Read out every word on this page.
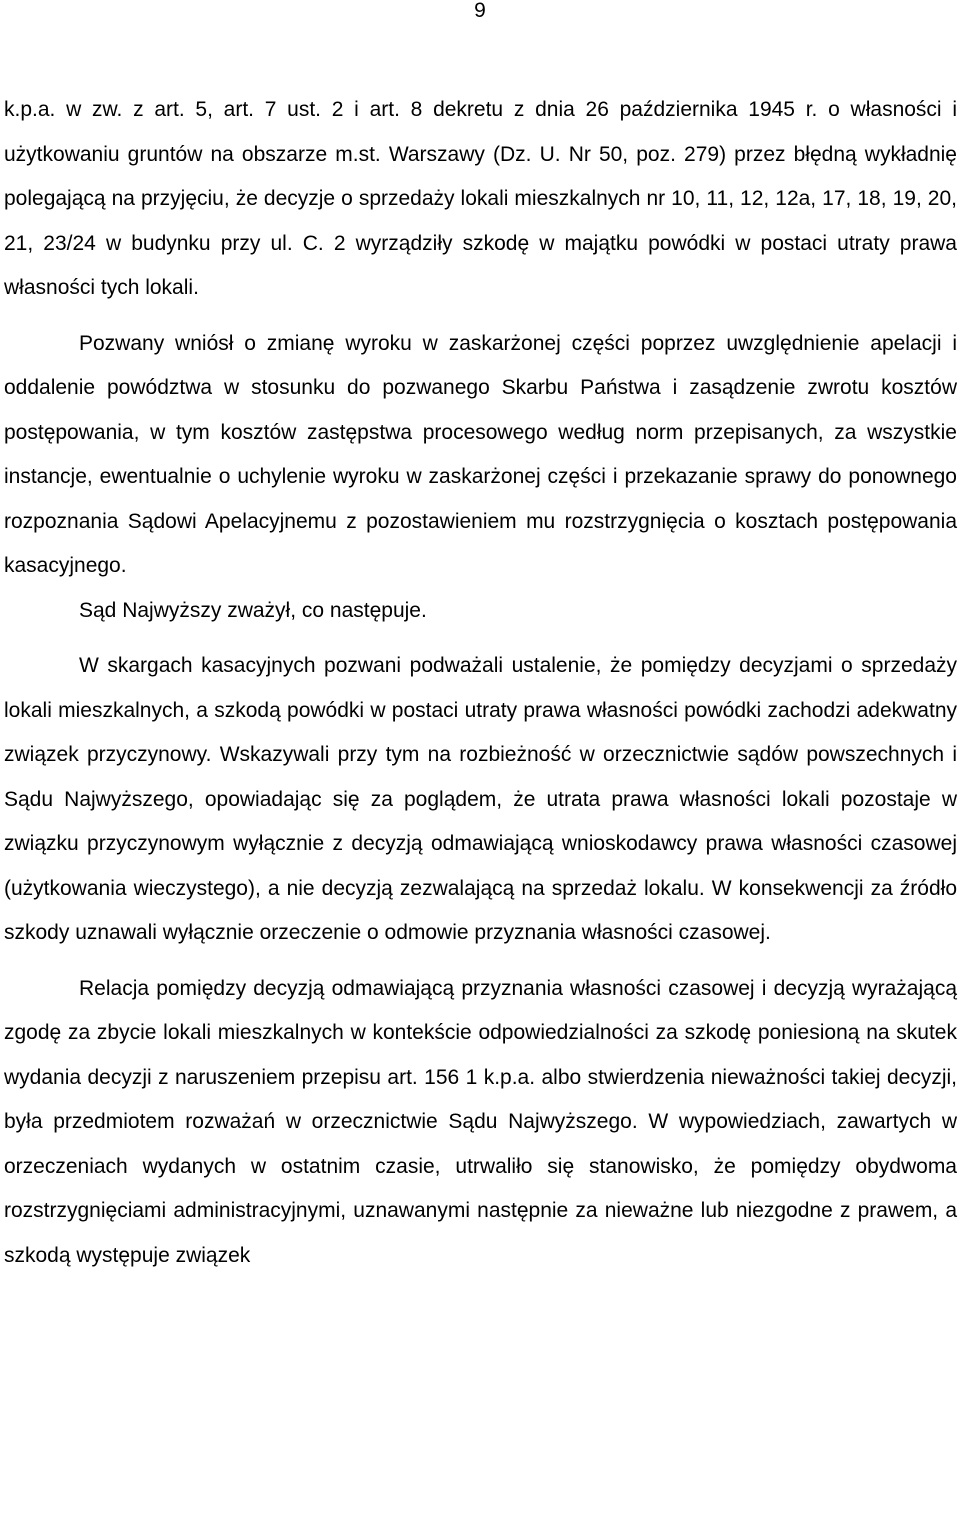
9

k.p.a. w zw. z art. 5, art. 7 ust. 2 i art. 8 dekretu z dnia 26 października 1945 r. o własności i użytkowaniu gruntów na obszarze m.st. Warszawy (Dz. U. Nr 50, poz. 279) przez błędną wykładnię polegającą na przyjęciu, że decyzje o sprzedaży lokali mieszkalnych nr 10, 11, 12, 12a, 17, 18, 19, 20, 21, 23/24 w budynku przy ul. C. 2 wyrządziły szkodę w majątku powódki w postaci utraty prawa własności tych lokali.

Pozwany wniósł o zmianę wyroku w zaskarżonej części poprzez uwzględnienie apelacji i oddalenie powództwa w stosunku do pozwanego Skarbu Państwa i zasądzenie zwrotu kosztów postępowania, w tym kosztów zastępstwa procesowego według norm przepisanych, za wszystkie instancje, ewentualnie o uchylenie wyroku w zaskarżonej części i przekazanie sprawy do ponownego rozpoznania Sądowi Apelacyjnemu z pozostawieniem mu rozstrzygnięcia o kosztach postępowania kasacyjnego.

Sąd Najwyższy zważył, co następuje.

W skargach kasacyjnych pozwani podważali ustalenie, że pomiędzy decyzjami o sprzedaży lokali mieszkalnych, a szkodą powódki w postaci utraty prawa własności powódki zachodzi adekwatny związek przyczynowy. Wskazywali przy tym na rozbieżność w orzecznictwie sądów powszechnych i Sądu Najwyższego, opowiadając się za poglądem, że utrata prawa własności lokali pozostaje w związku przyczynowym wyłącznie z decyzją odmawiającą wnioskodawcy prawa własności czasowej (użytkowania wieczystego), a nie decyzją zezwalającą na sprzedaż lokalu. W konsekwencji za źródło szkody uznawali wyłącznie orzeczenie o odmowie przyznania własności czasowej.

Relacja pomiędzy decyzją odmawiającą przyznania własności czasowej i decyzją wyrażającą zgodę za zbycie lokali mieszkalnych w kontekście odpowiedzialności za szkodę poniesioną na skutek wydania decyzji z naruszeniem przepisu art. 156 1 k.p.a. albo stwierdzenia nieważności takiej decyzji, była przedmiotem rozważań w orzecznictwie Sądu Najwyższego. W wypowiedziach, zawartych w orzeczeniach wydanych w ostatnim czasie, utrwaliło się stanowisko, że pomiędzy obydwoma rozstrzygnięciami administracyjnymi, uznawanymi następnie za nieważne lub niezgodne z prawem, a szkodą występuje związek
